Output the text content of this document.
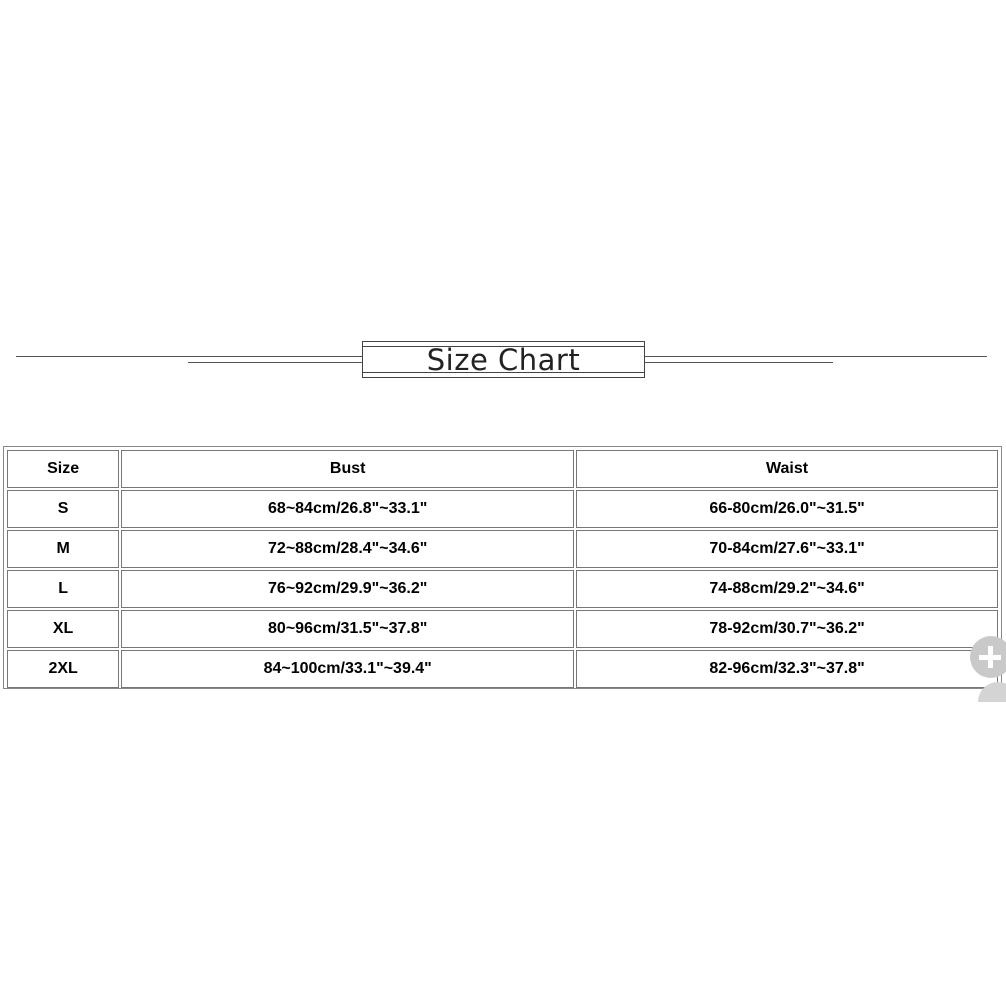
Size Chart
Size	Bust	Waist
S	68~84cm/26.8"~33.1"	66-80cm/26.0"~31.5"
M	72~88cm/28.4"~34.6"	70-84cm/27.6"~33.1"
L	76~92cm/29.9"~36.2"	74-88cm/29.2"~34.6"
XL	80~96cm/31.5"~37.8"	78-92cm/30.7"~36.2"
2XL	84~100cm/33.1"~39.4"	82-96cm/32.3"~37.8"
